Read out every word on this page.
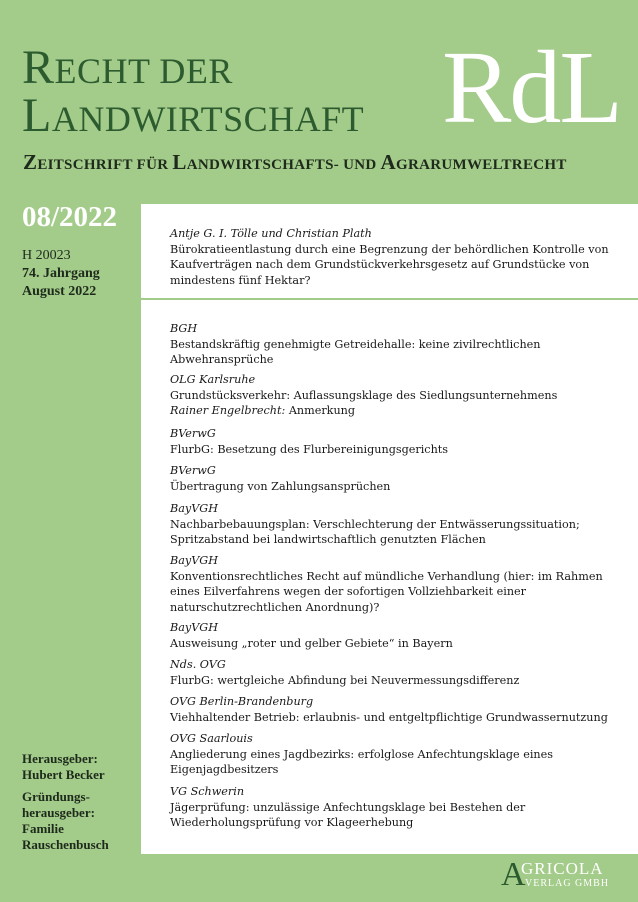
RECHT DER
LANDWIRTSCHAFT RdL
ZEITSCHRIFT FÜR LANDWIRTSCHAFTS- UND AGRARUMWELTRECHT
08/2022
H 20023
74. Jahrgang
August 2022
Herausgeber:
Hubert Becker
Gründungs-herausgeber:
Familie Rauschenbusch
Antje G. I. Tölle und Christian Plath
Bürokratieentlastung durch eine Begrenzung der behördlichen Kontrolle von Kaufverträgen nach dem Grundstückverkehrsgesetz auf Grundstücke von mindestens fünf Hektar?
BGH
Bestandskräftig genehmigte Getreidehalle: keine zivilrechtlichen Abwehransprüche
OLG Karlsruhe
Grundstücksverkehr: Auflassungsklage des Siedlungsunternehmens
Rainer Engelbrecht: Anmerkung
BVerwG
FlurbG: Besetzung des Flurbereinigungsgerichts
BVerwG
Übertragung von Zahlungsansprüchen
BayVGH
Nachbarbebauungsplan: Verschlechterung der Entwässerungssituation; Spritzabstand bei landwirtschaftlich genutzten Flächen
BayVGH
Konventionsrechtliches Recht auf mündliche Verhandlung (hier: im Rahmen eines Eilverfahrens wegen der sofortigen Vollziehbarkeit einer naturschutzrechtlichen Anordnung)?
BayVGH
Ausweisung „roter und gelber Gebiete“ in Bayern
Nds. OVG
FlurbG: wertgleiche Abfindung bei Neuvermessungsdifferenz
OVG Berlin-Brandenburg
Viehhaltender Betrieb: erlaubnis- und entgeltpflichtige Grundwassernutzung
OVG Saarlouis
Angliederung eines Jagdbezirks: erfolglose Anfechtungsklage eines Eigenjagdbesitzers
VG Schwerin
Jägerprüfung: unzulässige Anfechtungsklage bei Bestehen der Wiederholungsprüfung vor Klageerhebung
A
GRICOLA
VERLAG GMBH
